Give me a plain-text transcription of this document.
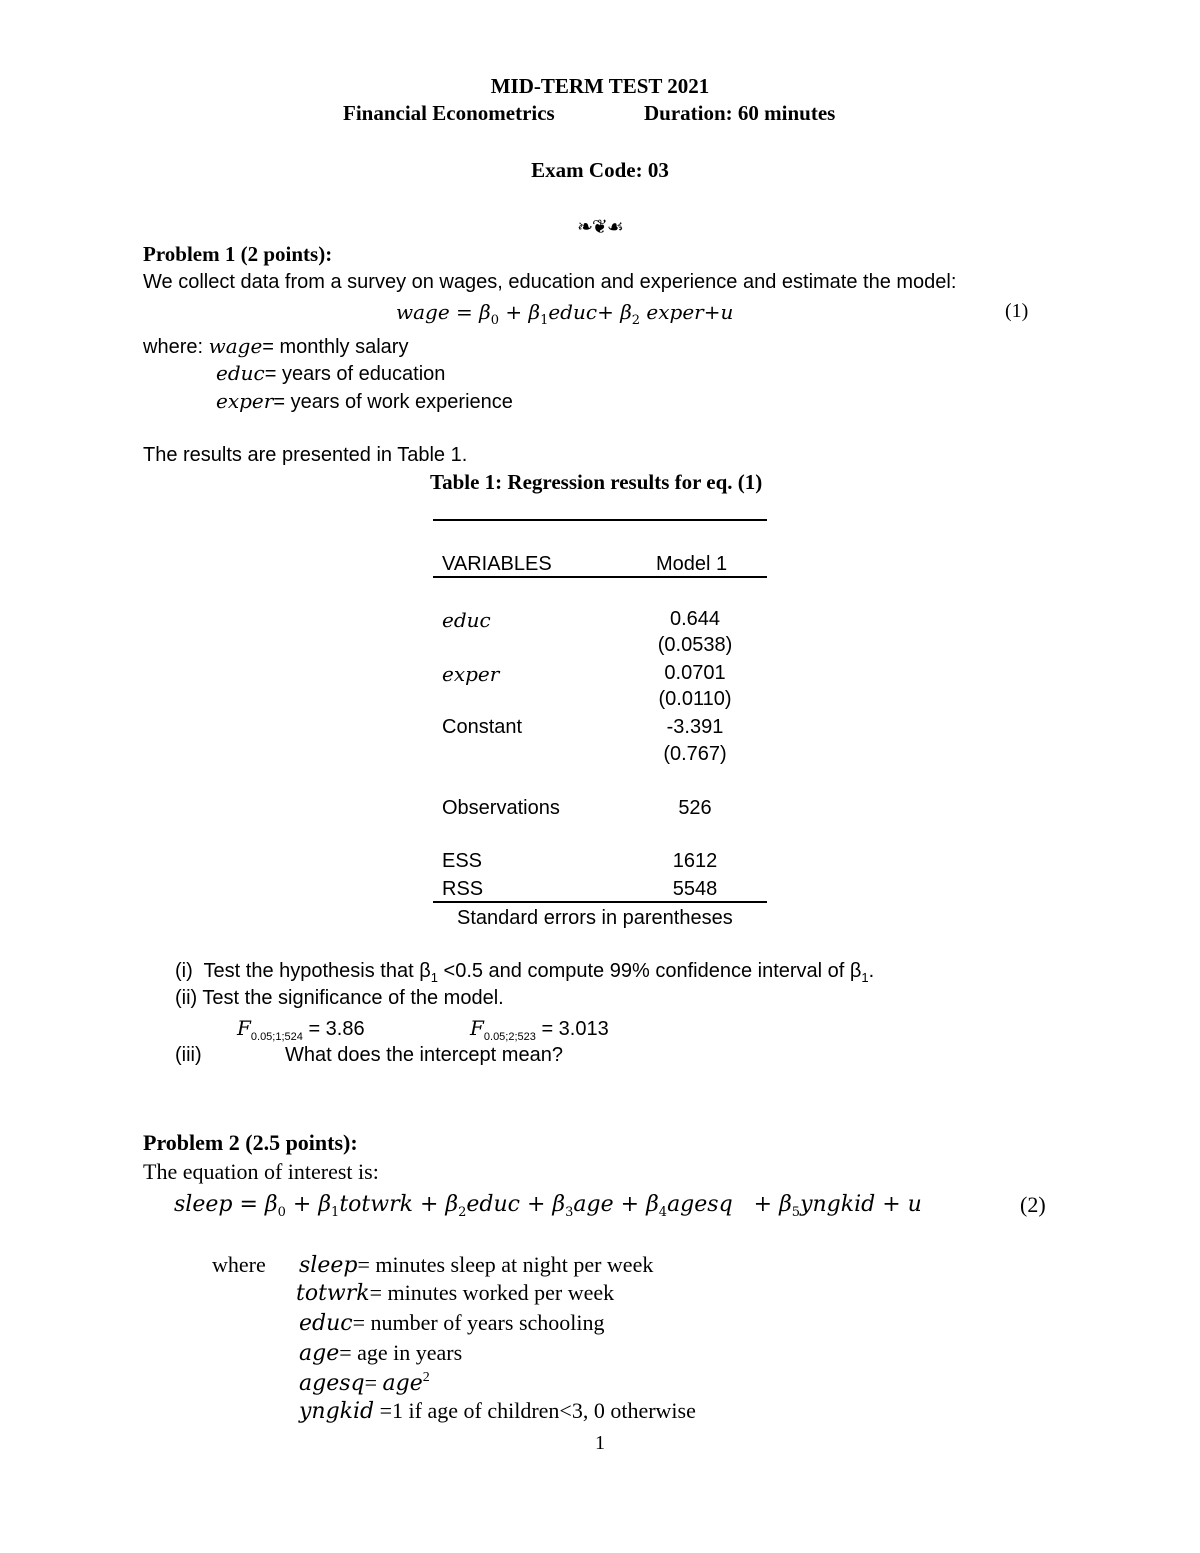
MID-TERM TEST 2021
Financial Econometrics	Duration: 60 minutes
Exam Code: 03
❧❦☙
Problem 1 (2 points):
We collect data from a survey on wages, education and experience and estimate the model:
wage = $\beta_0$ + $\beta_1educ+ \beta_2$ exper+u	(1)
where: wage= monthly salary
educ= years of education
exper= years of work experience
The results are presented in Table 1.
Table 1: Regression results for eq. (1)
VARIABLES	Model 1
educ	0.644
(0.0538)
exper	0.0701
(0.0110)
Constant	-3.391
(0.767)
Observations	526
ESS	1612
RSS	5548
Standard errors in parentheses
(i) Test the hypothesis that $\beta_1 <0.5$ and compute 99% confidence interval of $\beta_1$.
(ii) Test the significance of the model.
$F_{0.05;1;524} = 3.86$	$F_{0.05;2;523} = 3.013$
(iii)	What does the intercept mean?
Problem 2 (2.5 points):
The equation of interest is:
sleep = $\beta_0$ + $\beta_1totwrk$ + $\beta_2educ + \beta_3age$ + $\beta_4agesq$ + $\beta_5yngkid + u$	(2)
where sleep= minutes sleep at night per week
totwrk= minutes worked per week
educ= number of years schooling
age= age in years
agesq= age$^2$
yngkid =1 if age of children<3, 0 otherwise
1
